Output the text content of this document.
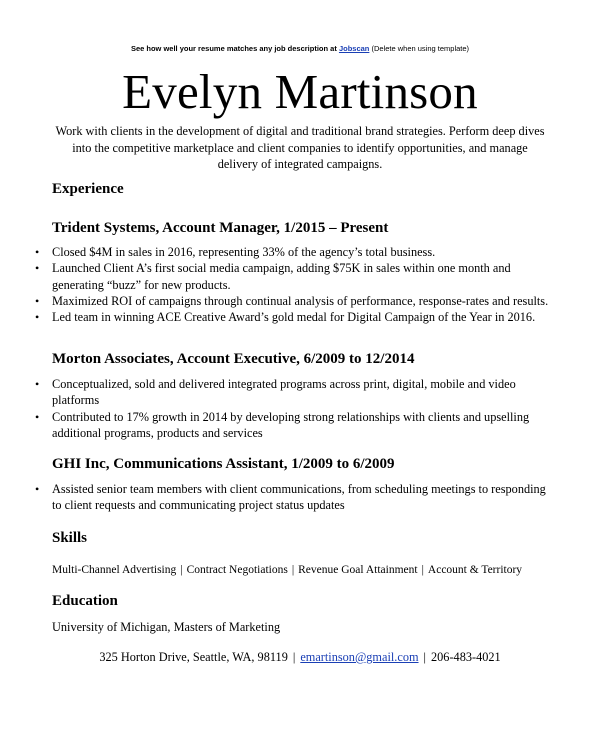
See how well your resume matches any job description at Jobscan (Delete when using template)
Evelyn Martinson
Work with clients in the development of digital and traditional brand strategies. Perform deep dives into the competitive marketplace and client companies to identify opportunities, and manage delivery of integrated campaigns.
Experience
Trident Systems, Account Manager, 1/2015 – Present
• Closed $4M in sales in 2016, representing 33% of the agency’s total business.
• Launched Client A’s first social media campaign, adding $75K in sales within one month and generating “buzz” for new products.
• Maximized ROI of campaigns through continual analysis of performance, response-rates and results.
• Led team in winning ACE Creative Award’s gold medal for Digital Campaign of the Year in 2016.
Morton Associates, Account Executive, 6/2009 to 12/2014
• Conceptualized, sold and delivered integrated programs across print, digital, mobile and video platforms
• Contributed to 17% growth in 2014 by developing strong relationships with clients and upselling additional programs, products and services
GHI Inc, Communications Assistant, 1/2009 to 6/2009
• Assisted senior team members with client communications, from scheduling meetings to responding to client requests and communicating project status updates
Skills
Multi-Channel Advertising | Contract Negotiations | Revenue Goal Attainment | Account & Territory
Education
University of Michigan, Masters of Marketing
325 Horton Drive, Seattle, WA, 98119 | emartinson@gmail.com | 206-483-4021
